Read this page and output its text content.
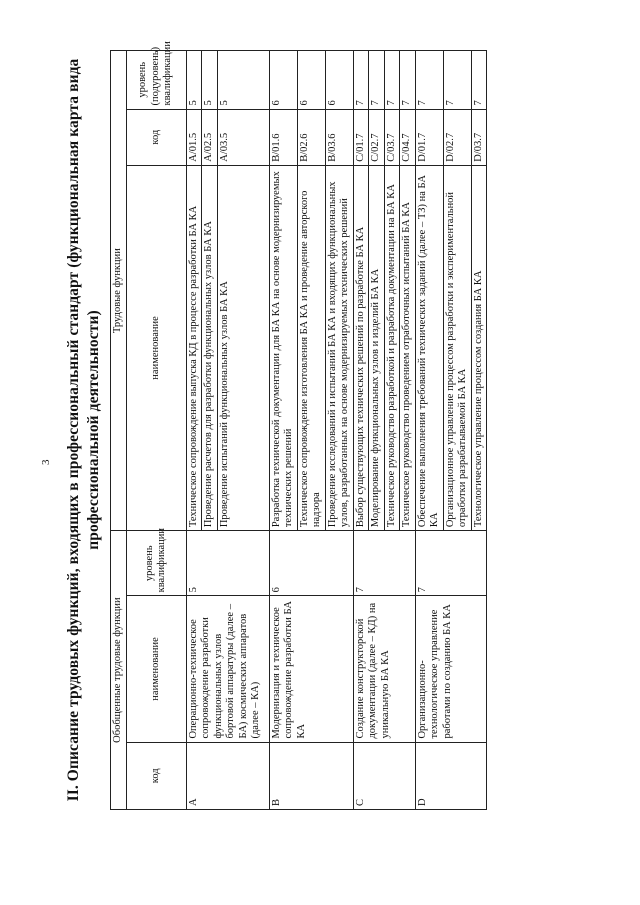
3 II. Описание трудовых функций, входящих в профессиональный стандарт (функциональная карта вида профессиональной деятельности)
Обобщенные трудовые функции			Трудовые функции		
код	наименование	уровень квалификации	наименование	код	уровень (подуровень) квалификации
A	Операционно-техническое сопровождение разработки функциональных узлов бортовой аппаратуры (далее – БА) космических аппаратов (далее – КА)	5	Техническое сопровождение выпуска КД в процессе разработки БА КА	A/01.5	5
			Проведение расчетов для разработки функциональных узлов БА КА	A/02.5	5
			Проведение испытаний функциональных узлов БА КА	A/03.5	5
B	Модернизация и техническое сопровождение разработки БА КА	6	Разработка технической документации для БА КА на основе модернизируемых технических решений	B/01.6	6
			Техническое сопровождение изготовления БА КА и проведение авторского надзора	B/02.6	6
			Проведение исследований и испытаний БА КА и входящих функциональных узлов, разработанных на основе модернизируемых технических решений	B/03.6	6
C	Создание конструкторской документации (далее – КД) на уникальную БА КА	7	Выбор существующих технических решений по разработке БА КА	C/01.7	7
			Моделирование функциональных узлов и изделий БА КА	C/02.7	7
			Техническое руководство разработкой и разработка документации на БА КА	C/03.7	7
			Техническое руководство проведением отработочных испытаний БА КА	C/04.7	7
D	Организационно-технологическое управление работами по созданию БА КА	7	Обеспечение выполнения требований технических заданий (далее – ТЗ) на БА КА	D/01.7	7
			Организационное управление процессом разработки и экспериментальной отработки разрабатываемой БА КА	D/02.7	7
			Технологическое управление процессом создания БА КА	D/03.7	7
